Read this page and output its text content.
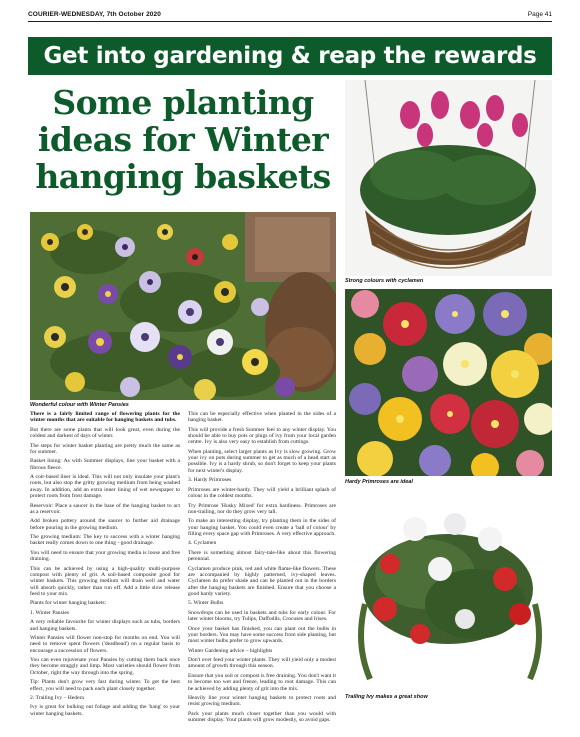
COURIER-WEDNESDAY, 7th October 2020	Page 41
Get into gardening & reap the rewards
Some planting ideas for Winter hanging baskets
Wonderful colour with Winter Pansies
Strong colours with cyclamen
Hardy Primroses are ideal
Trailing Ivy makes a great show

There is a fairly limited range of flowering plants for the winter months that are suitable for hanging baskets and tubs.

But there are some plants that will look great, even during the coldest and darkest of days of winter.

The steps for winter basket planting are pretty much the same as for summer.

Basket lining: As with Summer displays, line your basket with a fibrous fleece.

A coir-based liner is ideal. This will not only insulate your plant's roots, but also stop the gritty growing medium from being washed away. In addition, add an extra inner lining of wet newspaper to protect roots from frost damage.

Reservoir: Place a saucer in the base of the hanging basket to act as a reservoir.

Add broken pottery around the saucer to further aid drainage before pouring in the growing medium.

The growing medium: The key to success with a winter hanging basket really comes down to one thing - good drainage.

You will need to ensure that your growing media is loose and free draining.

This can be achieved by using a high-quality multi-purpose compost with plenty of grit. A soil-based composite good for winter baskets. This growing medium will drain well and water will absorb quickly, rather than run off. Add a little slow release feed to your mix.

Plants for winter hanging baskets:

1. Winter Pansies

A very reliable favourite for winter displays such as tubs, borders and hanging baskets.

Winter Pansies will flower non-stop for months on end. You will need to remove spent flowers ('deadhead') on a regular basis to encourage a succession of flowers.

You can even rejuvenate your Pansies by cutting them back once they become straggly and limp. Most varieties should flower from October, right the way through into the spring.

Tip: Plants don't grow very fast during winter. To get the best effect, you will need to pack each plant closely together.

2. Trailing Ivy – Hedera

Ivy is great for bulking out foliage and adding the 'hang' to your winter hanging baskets.

This can be especially effective when planted in the sides of a hanging basket.

This will provide a fresh Summer feel to any winter display. You should be able to buy pots or plugs of ivy from your local garden centre. Ivy is also very easy to establish from cuttings.

When planting, select larger plants as Ivy is slow growing. Grow your ivy on pots during summer to get as much of a head start as possible. Ivy is a hardy shrub, so don't forget to keep your plants for next winter's display.

3. Hardy Primroses

Primroses are winter-hardy. They will yield a brilliant splash of colour in the coldest months.

Try Primrose 'Husky Mixed' for extra hardiness. Primroses are non-trailing, nor do they grow very tall.

To make an interesting display, try planting them in the sides of your hanging basket. You could even create a 'ball of colour' by filling every space gap with Primroses. A very effective approach.

4. Cyclamen

There is something almost fairy-tale-like about this flowering perennial.

Cyclamen produce pink, red and white flame-like flowers. These are accompanied by highly patterned, ivy-shaped leaves. Cyclamen do prefer shade and can be planted out in the borders after the hanging baskets are finished. Ensure that you choose a good hardy variety.

5. Winter Bulbs

Snowdrops can be used in baskets and tubs for early colour. For later winter blooms, try Tulips, Daffodils, Crocuses and Irises.

Once your basket has finished, you can plant out the bulbs in your borders. You may have some success from side planting, but most winter bulbs prefer to grow upwards.

Winter Gardening advice – highlights

Don't over feed your winter plants. They will yield only a modest amount of growth through this season.

Ensure that you soil or compost is free draining. You don't want it to become too wet and freeze, leading to root damage. This can be achieved by adding plenty of grit into the mix.

Heavily line your winter hanging baskets to protect roots and resist growing medium.

Pack your plants much closer together than you would with summer display. Your plants will grow modestly, so avoid gaps.
